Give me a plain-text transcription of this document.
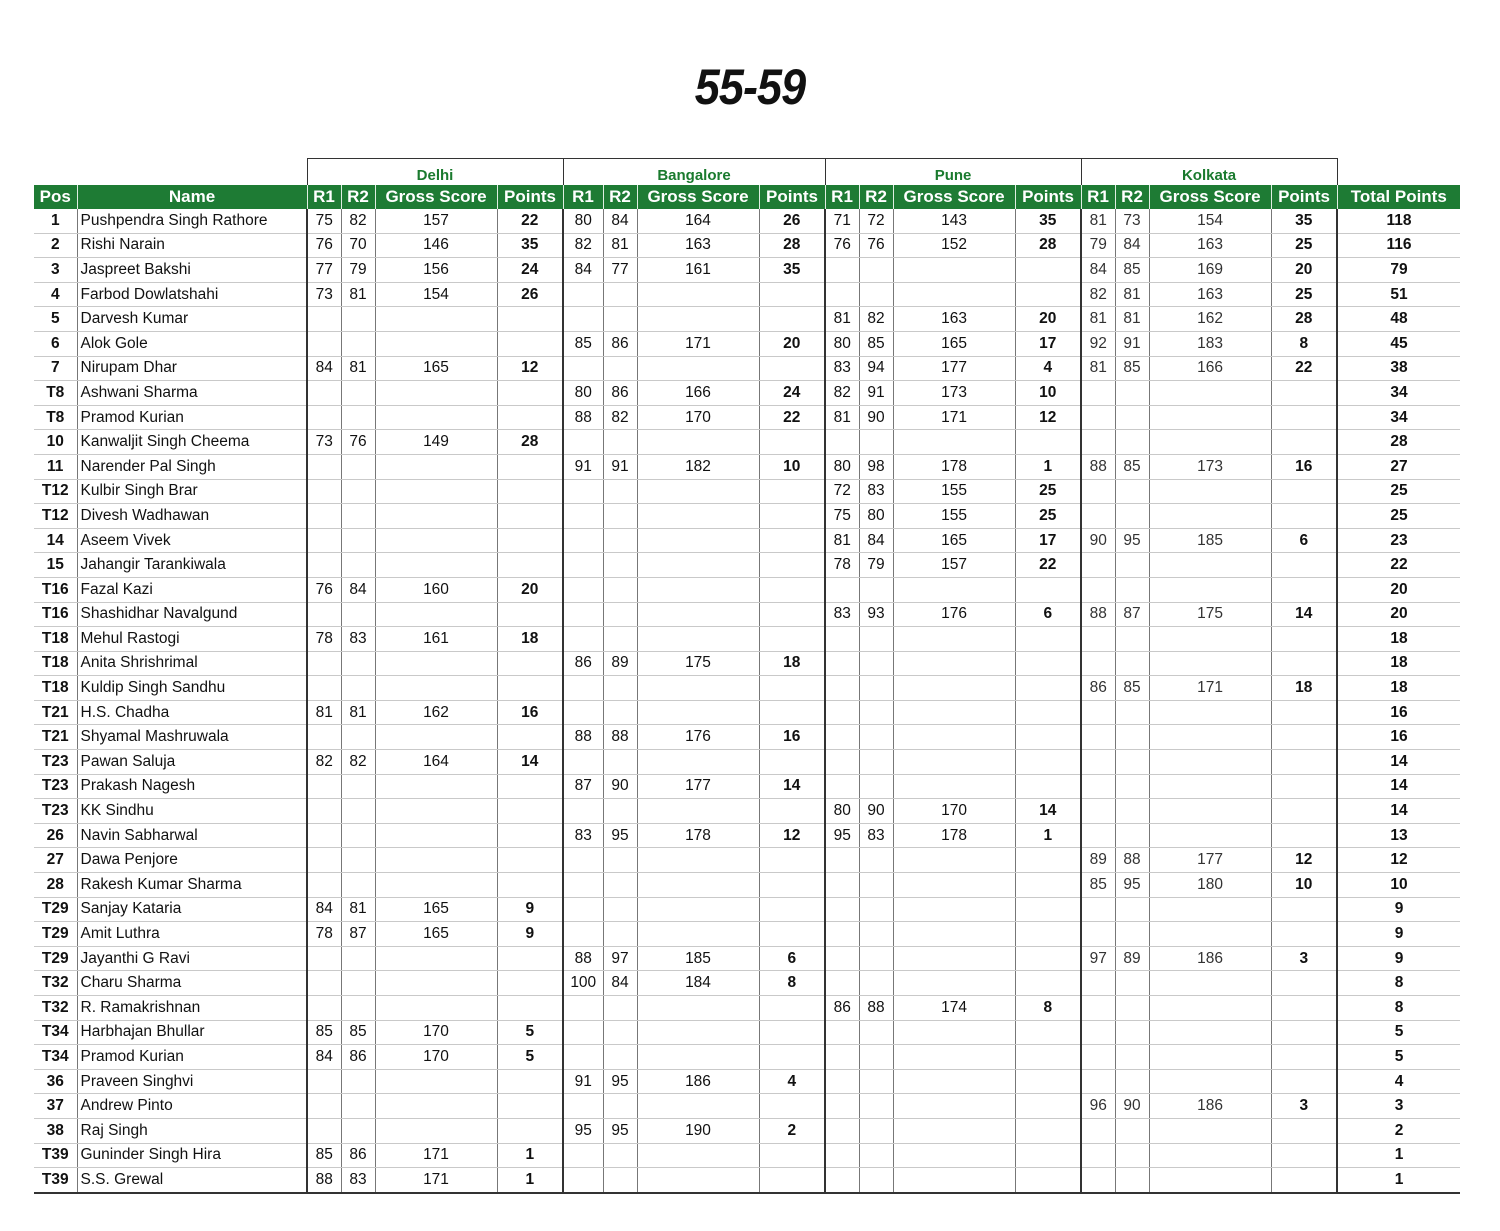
55-59
		Delhi				Bangalore				Pune				Kolkata				
Pos	Name	R1	R2	Gross Score	Points	R1	R2	Gross Score	Points	R1	R2	Gross Score	Points	R1	R2	Gross Score	Points	Total Points
1	Pushpendra Singh Rathore	75	82	157	22	80	84	164	26	71	72	143	35	81	73	154	35	118
2	Rishi Narain	76	70	146	35	82	81	163	28	76	76	152	28	79	84	163	25	116
3	Jaspreet Bakshi	77	79	156	24	84	77	161	35					84	85	169	20	79
4	Farbod Dowlatshahi	73	81	154	26									82	81	163	25	51
5	Darvesh Kumar									81	82	163	20	81	81	162	28	48
6	Alok Gole					85	86	171	20	80	85	165	17	92	91	183	8	45
7	Nirupam Dhar	84	81	165	12					83	94	177	4	81	85	166	22	38
T8	Ashwani Sharma					80	86	166	24	82	91	173	10					34
T8	Pramod Kurian					88	82	170	22	81	90	171	12					34
10	Kanwaljit Singh Cheema	73	76	149	28													28
11	Narender Pal Singh					91	91	182	10	80	98	178	1	88	85	173	16	27
T12	Kulbir Singh Brar									72	83	155	25					25
T12	Divesh Wadhawan									75	80	155	25					25
14	Aseem Vivek									81	84	165	17	90	95	185	6	23
15	Jahangir Tarankiwala									78	79	157	22					22
T16	Fazal Kazi	76	84	160	20													20
T16	Shashidhar Navalgund									83	93	176	6	88	87	175	14	20
T18	Mehul Rastogi	78	83	161	18													18
T18	Anita Shrishrimal					86	89	175	18									18
T18	Kuldip Singh Sandhu													86	85	171	18	18
T21	H.S. Chadha	81	81	162	16													16
T21	Shyamal Mashruwala					88	88	176	16									16
T23	Pawan Saluja	82	82	164	14													14
T23	Prakash Nagesh					87	90	177	14									14
T23	KK Sindhu									80	90	170	14					14
26	Navin Sabharwal					83	95	178	12	95	83	178	1					13
27	Dawa Penjore													89	88	177	12	12
28	Rakesh Kumar Sharma													85	95	180	10	10
T29	Sanjay Kataria	84	81	165	9													9
T29	Amit Luthra	78	87	165	9													9
T29	Jayanthi G Ravi					88	97	185	6					97	89	186	3	9
T32	Charu Sharma					100	84	184	8									8
T32	R. Ramakrishnan									86	88	174	8					8
T34	Harbhajan Bhullar	85	85	170	5													5
T34	Pramod Kurian	84	86	170	5													5
36	Praveen Singhvi					91	95	186	4									4
37	Andrew Pinto													96	90	186	3	3
38	Raj Singh					95	95	190	2									2
T39	Guninder Singh Hira	85	86	171	1													1
T39	S.S. Grewal	88	83	171	1													1
